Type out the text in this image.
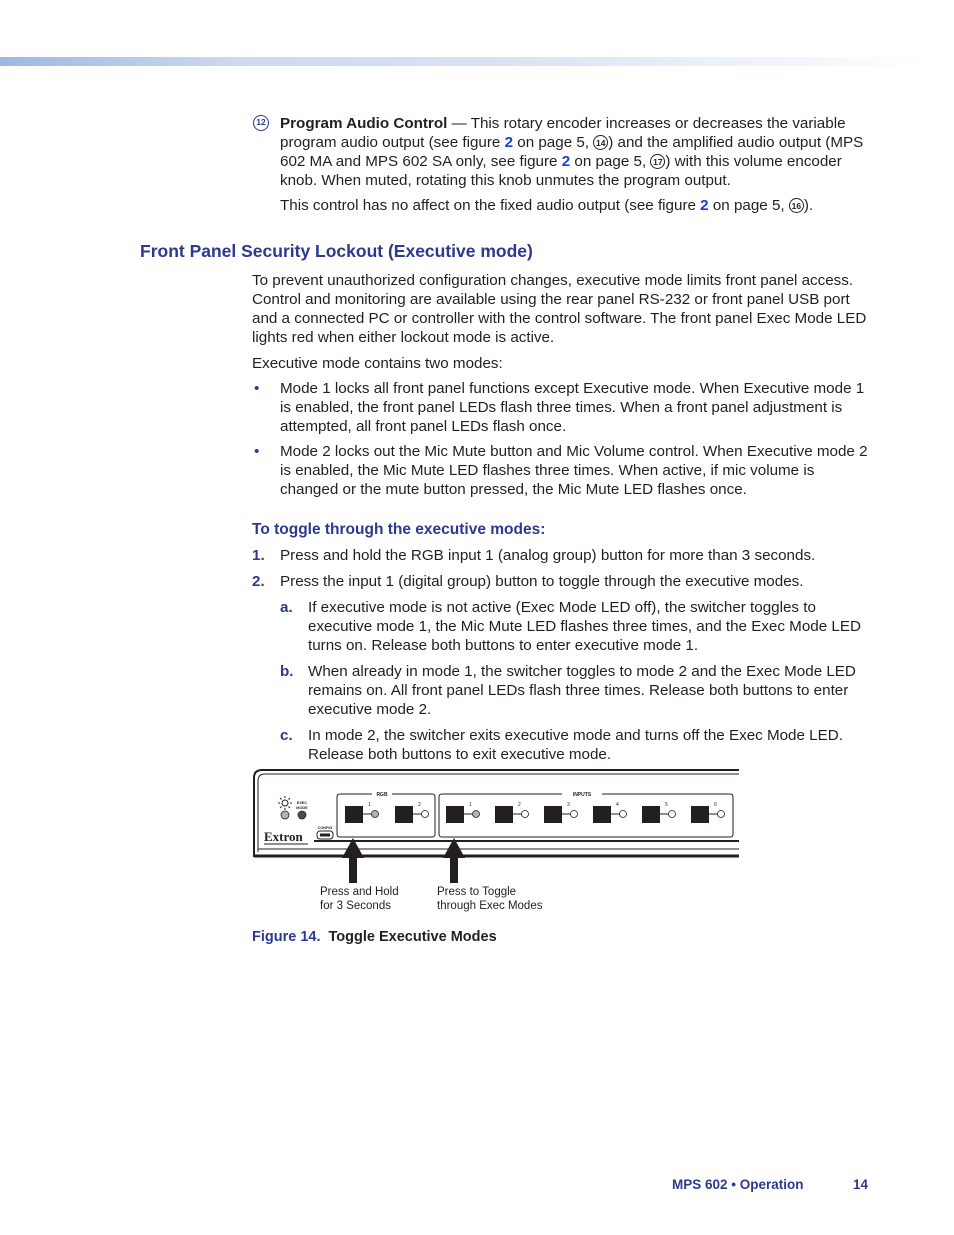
12 Program Audio Control — This rotary encoder increases or decreases the variable program audio output (see figure 2 on page 5, 14 ) and the amplified audio output (MPS 602 MA and MPS 602 SA only, see figure 2 on page 5, 17 ) with this volume encoder knob. When muted, rotating this knob unmutes the program output.

This control has no affect on the fixed audio output (see figure 2 on page 5, 16 ).

Front Panel Security Lockout (Executive mode)

To prevent unauthorized configuration changes, executive mode limits front panel access. Control and monitoring are available using the rear panel RS-232 or front panel USB port and a connected PC or controller with the control software. The front panel Exec Mode LED lights red when either lockout mode is active.

Executive mode contains two modes:

• Mode 1 locks all front panel functions except Executive mode. When Executive mode 1 is enabled, the front panel LEDs flash three times. When a front panel adjustment is attempted, all front panel LEDs flash once.
• Mode 2 locks out the Mic Mute button and Mic Volume control. When Executive mode 2 is enabled, the Mic Mute LED flashes three times. When active, if mic volume is changed or the mute button pressed, the Mic Mute LED flashes once.
To toggle through the executive modes:
1. Press and hold the RGB input 1 (analog group) button for more than 3 seconds.
2. Press the input 1 (digital group) button to toggle through the executive modes.
a. If executive mode is not active (Exec Mode LED off), the switcher toggles to executive mode 1, the Mic Mute LED flashes three times, and the Exec Mode LED turns on. Release both buttons to enter executive mode 1.
b. When already in mode 1, the switcher toggles to mode 2 and the Exec Mode LED remains on. All front panel LEDs flash three times. Release both buttons to enter executive mode 2.
c. In mode 2, the switcher exits executive mode and turns off the Exec Mode LED. Release both buttons to exit executive mode.
EXEC
MODE
CONFIG
Extron
RGB
1	2
INPUTS
1	2	3	4	5	6
Press and Hold
for 3 Seconds
Press to Toggle
through Exec Modes
Figure 14. Toggle Executive Modes
MPS 602 • Operation	14
